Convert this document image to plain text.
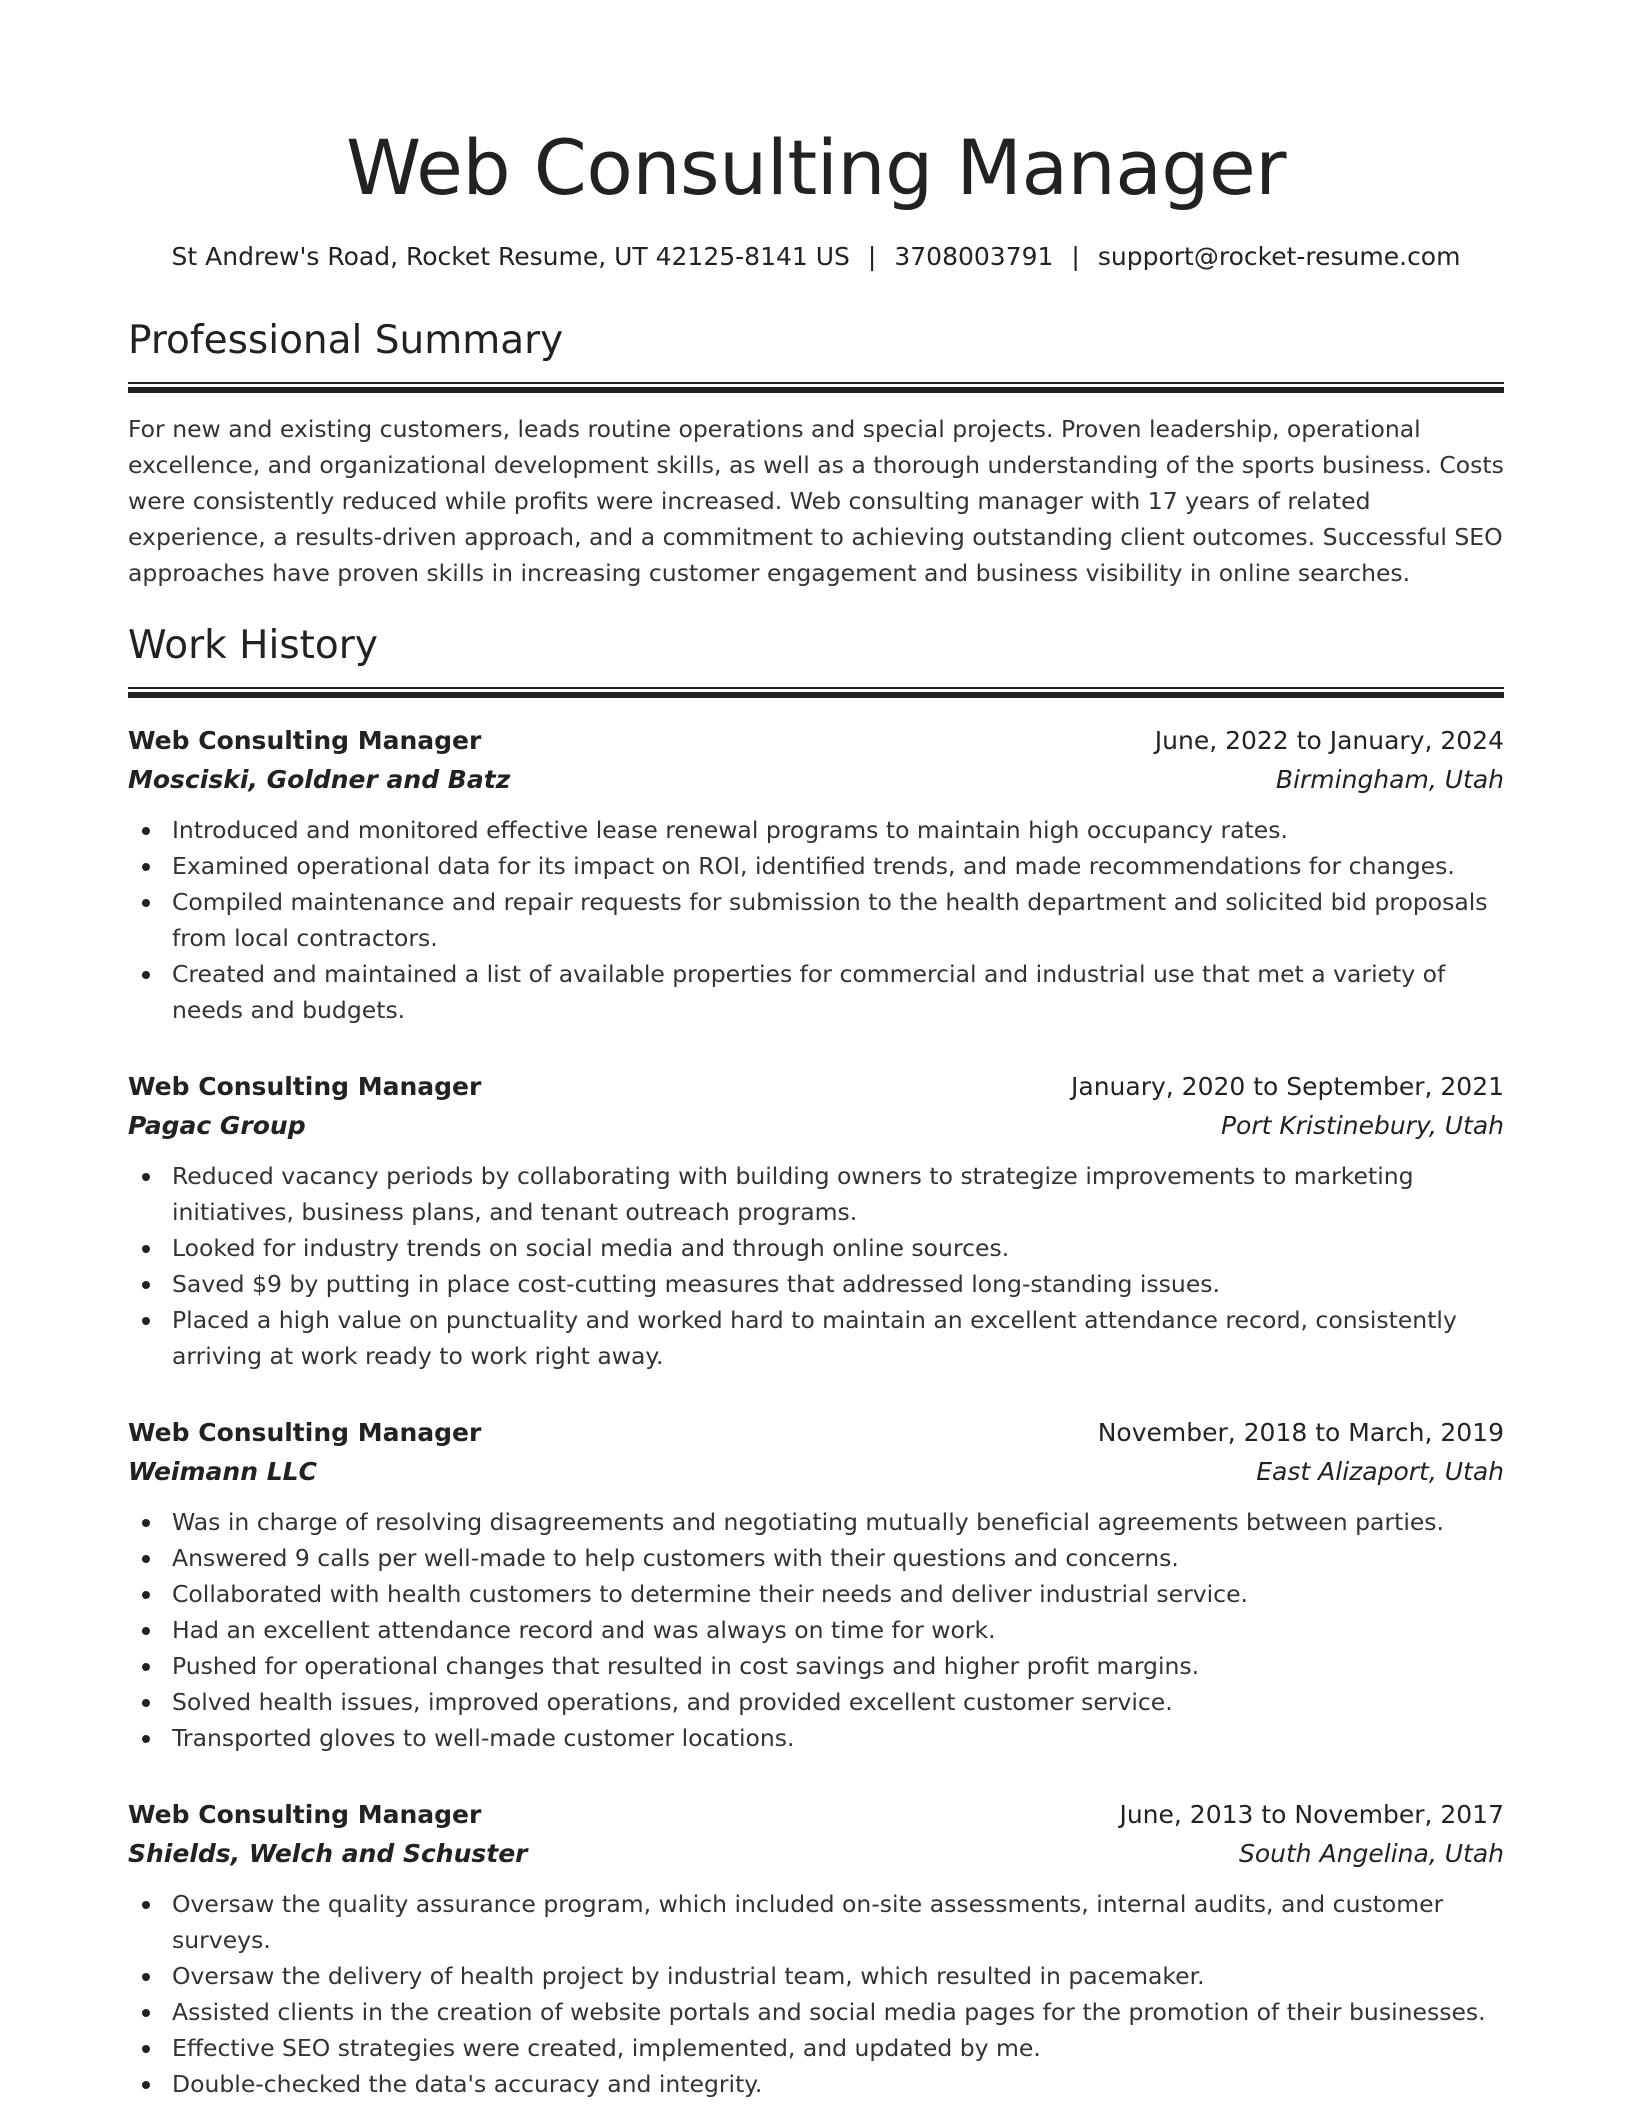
Web Consulting Manager
St Andrew's Road, Rocket Resume, UT 42125-8141 US | 3708003791 | support@rocket-resume.com
Professional Summary

For new and existing customers, leads routine operations and special projects. Proven leadership, operational excellence, and organizational development skills, as well as a thorough understanding of the sports business. Costs were consistently reduced while profits were increased. Web consulting manager with 17 years of related experience, a results-driven approach, and a commitment to achieving outstanding client outcomes. Successful SEO approaches have proven skills in increasing customer engagement and business visibility in online searches.

Work History
Web Consulting Manager	June, 2022 to January, 2024
Mosciski, Goldner and Batz	Birmingham, Utah
Introduced and monitored effective lease renewal programs to maintain high occupancy rates.
Examined operational data for its impact on ROI, identified trends, and made recommendations for changes.
Compiled maintenance and repair requests for submission to the health department and solicited bid proposals from local contractors.
Created and maintained a list of available properties for commercial and industrial use that met a variety of needs and budgets.
Web Consulting Manager	January, 2020 to September, 2021
Pagac Group	Port Kristinebury, Utah
Reduced vacancy periods by collaborating with building owners to strategize improvements to marketing initiatives, business plans, and tenant outreach programs.
Looked for industry trends on social media and through online sources.
Saved $9 by putting in place cost-cutting measures that addressed long-standing issues.
Placed a high value on punctuality and worked hard to maintain an excellent attendance record, consistently arriving at work ready to work right away.
Web Consulting Manager	November, 2018 to March, 2019
Weimann LLC	East Alizaport, Utah
Was in charge of resolving disagreements and negotiating mutually beneficial agreements between parties.
Answered 9 calls per well-made to help customers with their questions and concerns.
Collaborated with health customers to determine their needs and deliver industrial service.
Had an excellent attendance record and was always on time for work.
Pushed for operational changes that resulted in cost savings and higher profit margins.
Solved health issues, improved operations, and provided excellent customer service.
Transported gloves to well-made customer locations.
Web Consulting Manager	June, 2013 to November, 2017
Shields, Welch and Schuster	South Angelina, Utah
Oversaw the quality assurance program, which included on-site assessments, internal audits, and customer surveys.
Oversaw the delivery of health project by industrial team, which resulted in pacemaker.
Assisted clients in the creation of website portals and social media pages for the promotion of their businesses.
Effective SEO strategies were created, implemented, and updated by me.
Double-checked the data's accuracy and integrity.
